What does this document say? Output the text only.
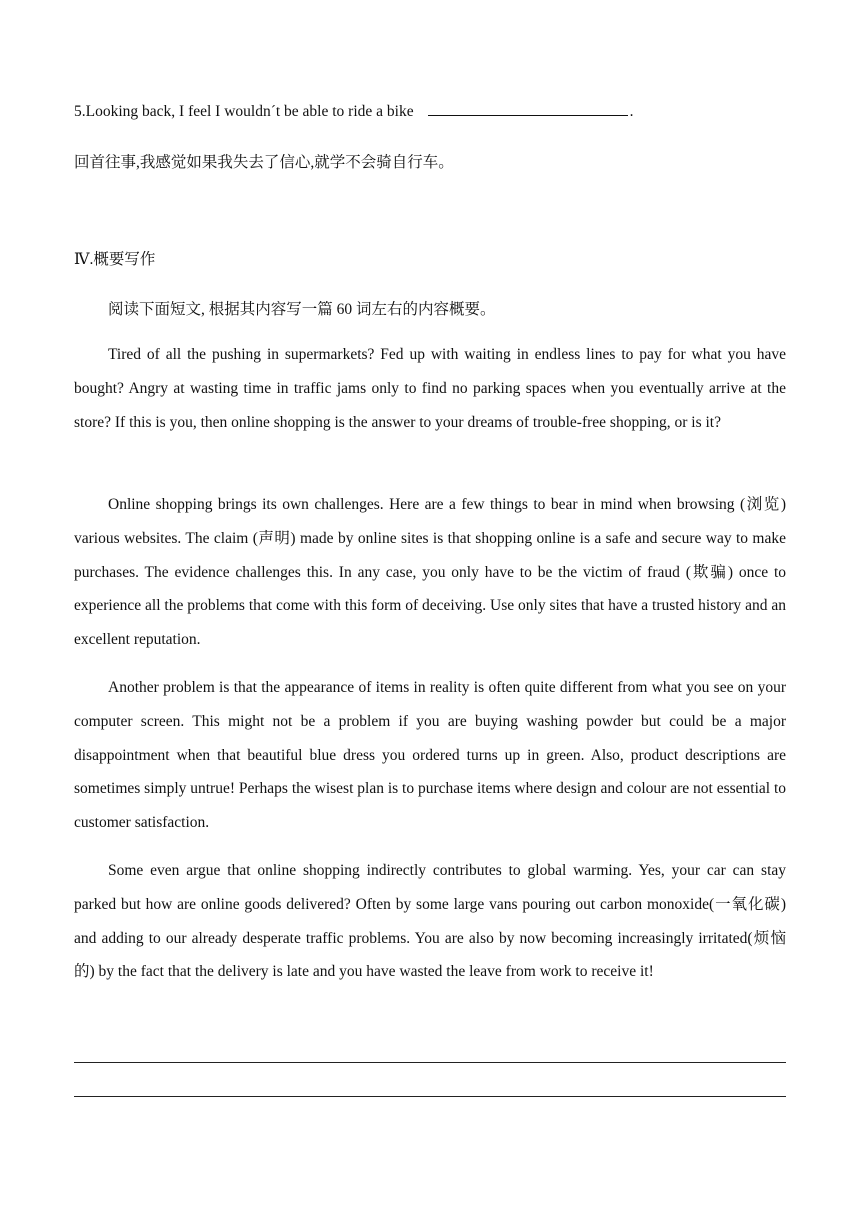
5.Looking back, I feel I wouldn´t be able to ride a bike	.
回首往事,我感觉如果我失去了信心,就学不会骑自行车。
Ⅳ.概要写作
阅读下面短文, 根据其内容写一篇 60 词左右的内容概要。

Tired of all the pushing in supermarkets? Fed up with waiting in endless lines to pay for what you have bought? Angry at wasting time in traffic jams only to find no parking spaces when you eventually arrive at the store? If this is you, then online shopping is the answer to your dreams of trouble-free shopping, or is it?

Online shopping brings its own challenges. Here are a few things to bear in mind when browsing (浏览) various websites. The claim (声明) made by online sites is that shopping online is a safe and secure way to make purchases. The evidence challenges this. In any case, you only have to be the victim of fraud (欺骗) once to experience all the problems that come with this form of deceiving. Use only sites that have a trusted history and an excellent reputation.

Another problem is that the appearance of items in reality is often quite different from what you see on your computer screen. This might not be a problem if you are buying washing powder but could be a major disappointment when that beautiful blue dress you ordered turns up in green. Also, product descriptions are sometimes simply untrue! Perhaps the wisest plan is to purchase items where design and colour are not essential to customer satisfaction.

Some even argue that online shopping indirectly contributes to global warming. Yes, your car can stay parked but how are online goods delivered? Often by some large vans pouring out carbon monoxide(一氧化碳) and adding to our already desperate traffic problems. You are also by now becoming increasingly irritated(烦恼的) by the fact that the delivery is late and you have wasted the leave from work to receive it!
